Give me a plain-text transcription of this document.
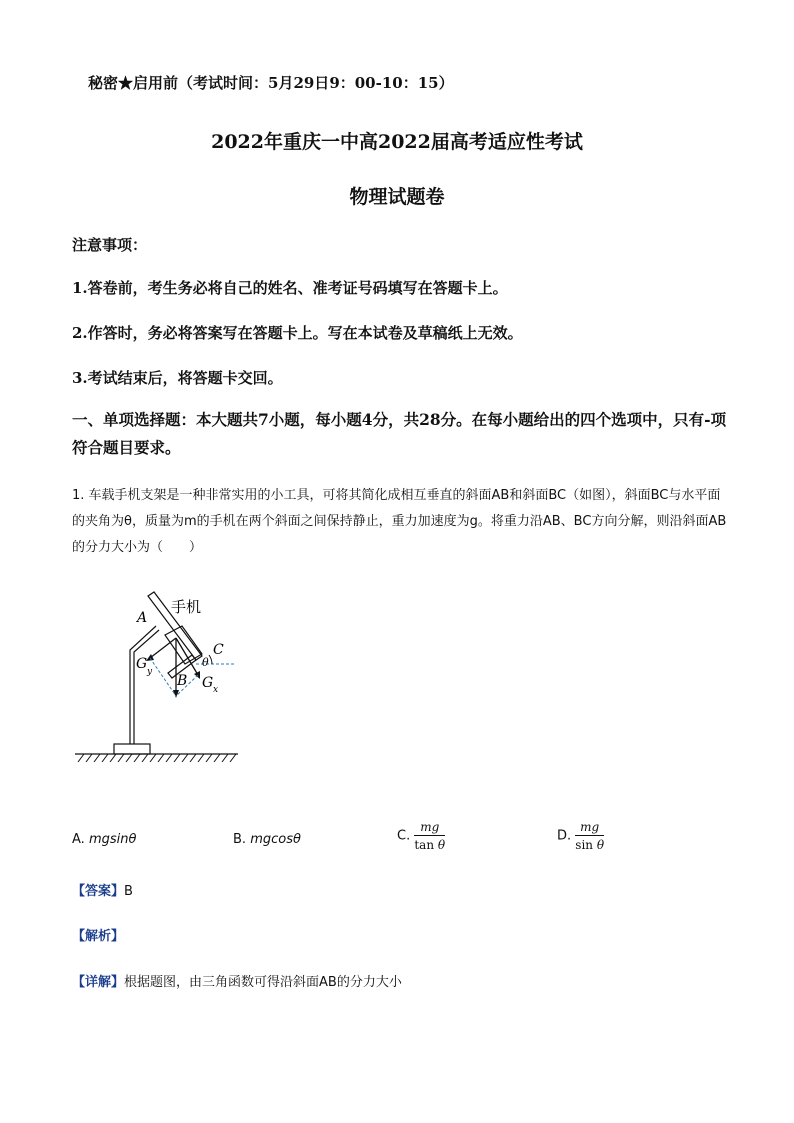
秘密★启用前（考试时间：5月29日9：00-10：15）
2022年重庆一中高2022届高考适应性考试
物理试题卷
注意事项：
1.答卷前，考生务必将自己的姓名、准考证号码填写在答题卡上。
2.作答时，务必将答案写在答题卡上。写在本试卷及草稿纸上无效。
3.考试结束后，将答题卡交回。
一、单项选择题：本大题共7小题，每小题4分，共28分。在每小题给出的四个选项中，只有-项符合题目要求。
1. 车载手机支架是一种非常实用的小工具，可将其简化成相互垂直的斜面AB和斜面BC（如图），斜面BC与水平面的夹角为θ，质量为m的手机在两个斜面之间保持静止，重力加速度为g。将重力沿AB、BC方向分解，则沿斜面AB的分力大小为（　　）
手机
A
B
C
θ
G y
G x
A. mgsinθ	B. mgcosθ	C. $\frac{mg}{\text{tan θ}}$	D. $\frac{mg}{\text{sin θ}}$
【答案】B
【解析】
【详解】根据题图，由三角函数可得沿斜面AB的分力大小
